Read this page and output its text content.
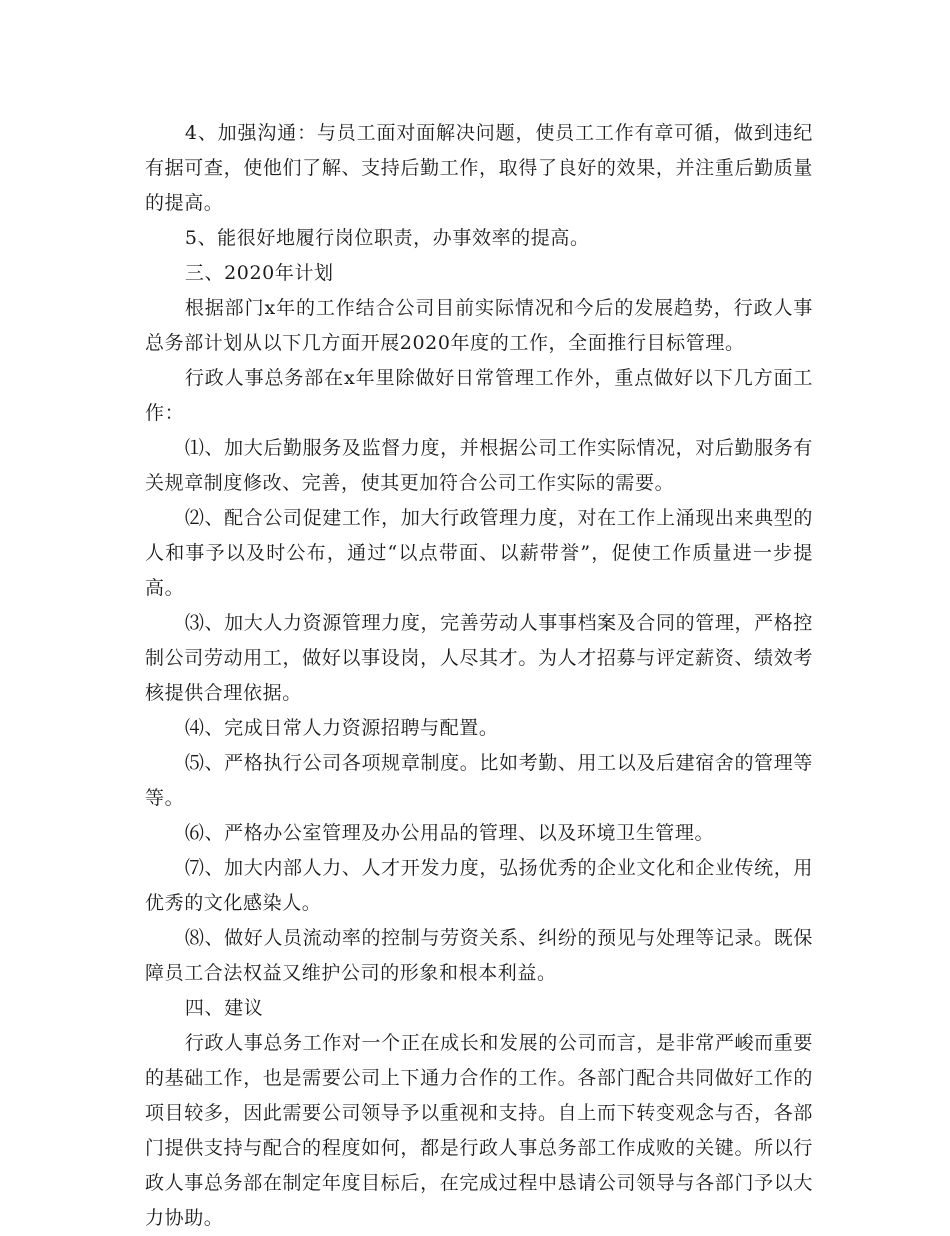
4、加强沟通：与员工面对面解决问题，使员工工作有章可循，做到违纪有据可查，使他们了解、支持后勤工作，取得了良好的效果，并注重后勤质量的提高。

5、能很好地履行岗位职责，办事效率的提高。

三、2020年计划

根据部门x年的工作结合公司目前实际情况和今后的发展趋势，行政人事总务部计划从以下几方面开展2020年度的工作，全面推行目标管理。

行政人事总务部在x年里除做好日常管理工作外，重点做好以下几方面工作：

⑴、加大后勤服务及监督力度，并根据公司工作实际情况，对后勤服务有关规章制度修改、完善，使其更加符合公司工作实际的需要。

⑵、配合公司促建工作，加大行政管理力度，对在工作上涌现出来典型的人和事予以及时公布，通过“以点带面、以薪带誉”，促使工作质量进一步提高。

⑶、加大人力资源管理力度，完善劳动人事事档案及合同的管理，严格控制公司劳动用工，做好以事设岗，人尽其才。为人才招募与评定薪资、绩效考核提供合理依据。

⑷、完成日常人力资源招聘与配置。

⑸、严格执行公司各项规章制度。比如考勤、用工以及后建宿舍的管理等等。

⑹、严格办公室管理及办公用品的管理、以及环境卫生管理。

⑺、加大内部人力、人才开发力度，弘扬优秀的企业文化和企业传统，用优秀的文化感染人。

⑻、做好人员流动率的控制与劳资关系、纠纷的预见与处理等记录。既保障员工合法权益又维护公司的形象和根本利益。

四、建议

行政人事总务工作对一个正在成长和发展的公司而言，是非常严峻而重要的基础工作，也是需要公司上下通力合作的工作。各部门配合共同做好工作的项目较多，因此需要公司领导予以重视和支持。自上而下转变观念与否，各部门提供支持与配合的程度如何，都是行政人事总务部工作成败的关键。所以行政人事总务部在制定年度目标后，在完成过程中恳请公司领导与各部门予以大力协助。
